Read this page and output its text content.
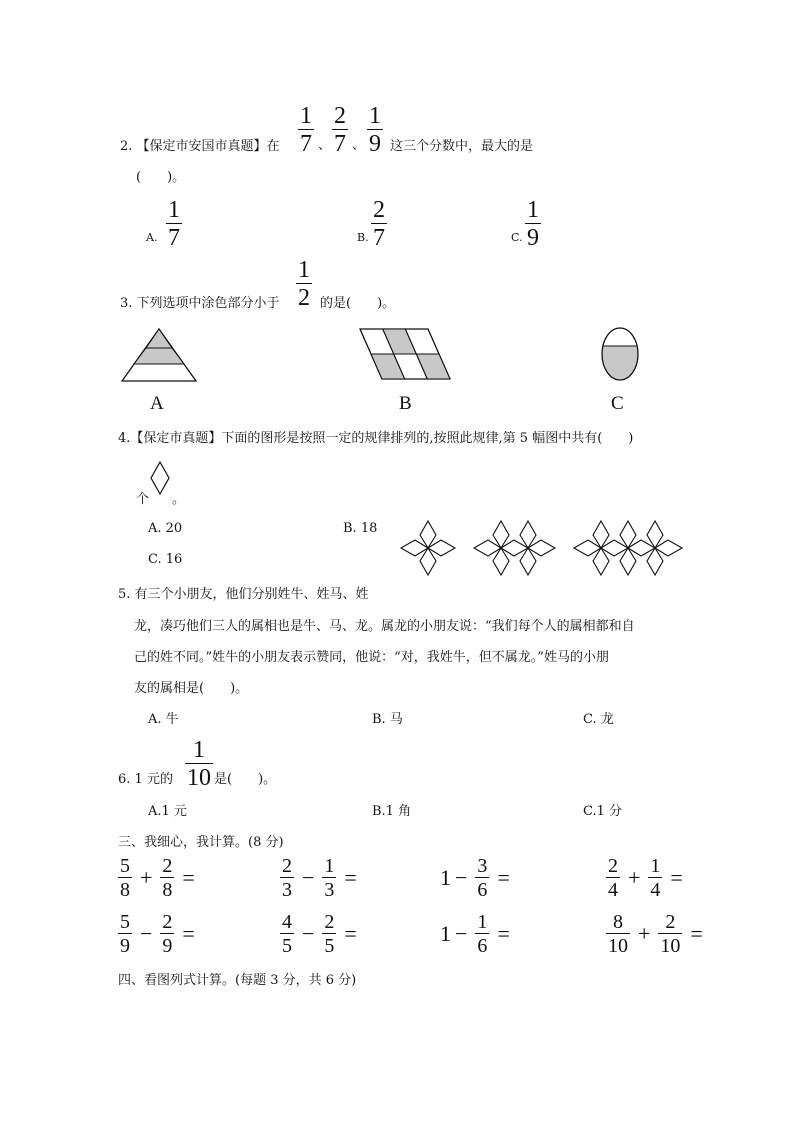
1
7 、
2
7 、
1
9
2. 【保定市安国市真题】在	这三个分数中，最大的是
(　　)。
A.
1
7	B.
2
7	C.
1
9
3. 下列选项中涂色部分小于
1
2 的是(　　)。
A	B	C
4.【保定市真题】下面的图形是按照一定的规律排列的,按照此规律,第 5 幅图中共有(　　)
个 。
A. 20	B. 18
C. 16
5. 有三个小朋友，他们分别姓牛、姓马、姓
龙，凑巧他们三人的属相也是牛、马、龙。属龙的小朋友说：“我们每个人的属相都和自
己的姓不同。”姓牛的小朋友表示赞同，他说：“对，我姓牛，但不属龙。”姓马的小朋
友的属相是(　　)。
A. 牛	B. 马	C. 龙
6. 1 元的
1
10 是(　　)。
A.1 元	B.1 角	C.1 分
三、我细心，我计算。(8 分)
$\frac{5}{8} + \frac{2}{8}$ =	$\frac{2}{3} - \frac{1}{3}$ =	$1 - \frac{3}{6}$ =	$\frac{2}{4} + \frac{1}{4}$ =
$\frac{5}{9} - \frac{2}{9}$ =	$\frac{4}{5} - \frac{2}{5}$ =	$1 - \frac{1}{6}$ =	$\frac{8}{10} + \frac{2}{10}$ =
四、看图列式计算。(每题 3 分，共 6 分)
